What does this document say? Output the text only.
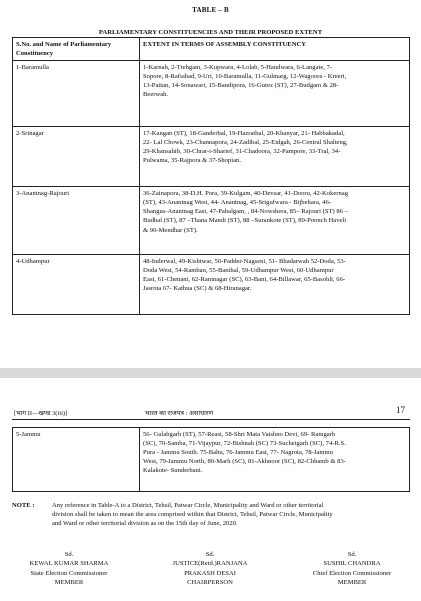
TABLE – B
PARLIAMENTARY CONSTITUENCIES AND THEIR PROPOSED EXTENT
S.No. and Name of Parliamentary Constituency	EXTENT IN TERMS OF ASSEMBLY CONSTITUENCY
1-Baramulla	1-Karnah, 2-Trehgam, 3-Kupwara, 4-Lolab, 5-Handwara, 6-Langate, 7-
Sopore, 8-Rafiabad, 9-Uri, 10-Baramulla, 11-Gulmarg, 12-Wagoora - Kreeri,
13-Pattan, 14-Sonawari, 15-Bandipora, 16-Gurez (ST), 27-Budgam & 28-
Beerwah.

2-Srinagar	17-Kangan (ST), 18-Ganderbal, 19-Hazratbal, 20-Khanyar, 21- Habbakadal,
22- Lal Chowk, 23-Channapora, 24-Zadibal, 25-Eidgah, 26-Central Shalteng,
29-Khansahib, 30-Chrar-i-Sharief, 31-Chadoora, 32-Pampore, 33-Tral, 34-
Pulwama, 35-Rajpora & 37-Shopian.

3-Anantnag-Rajouri	36-Zainapora, 38-D.H. Pora, 39-Kulgam, 40-Devsar, 41-Dooru, 42-Kokernag
(ST), 43-Anantnag West, 44- Anantnag, 45-Srigufwara - Bijbehara, 46-
Shangus-Anantnag East, 47-Pahalgam, , 84-Nowshera, 85– Rajouri (ST) 86 –
Budhal (ST), 87 –Thana Mandi (ST), 88 –Surankote (ST), 89-Poonch Haveli
& 90-Mendhar (ST).

4-Udhampur	48-Inderwal, 49-Kishtwar, 50-Padder-Nagseni, 51- Bhadarwah 52-Doda, 53-
Doda West, 54-Ramban, 55-Banihal, 59-Udhampur West, 60-Udhampur
East, 61-Chenani, 62-Ramnagar (SC), 63-Bani, 64-Billawar, 65-Basohli, 66-
Jasrota 67- Kathua (SC) & 68-Hiranagar.
[भाग II—खण्ड 3(iii)]	भारत का राजपत्र : असाधारण	17
5-Jammu	56- Gulabgarh (ST), 57-Reasi, 58-Shri Mata Vaishno Devi, 69- Ramgarh
(SC), 70-Samba, 71-Vijaypur, 72-Bishnah (SC) 73-Suchetgarh (SC), 74-R.S.
Pura - Jammu South. 75-Bahu, 76-Jammu East, 77- Nagrota, 78-Jammu
West, 79-Jammu North, 80-Marh (SC), 81-Akhnoor (SC), 82-Chhamb & 83-
Kalakote- Sunderbani.
NOTE :	Any reference in Table-A to a District, Tehsil, Patwar Circle, Municipality and Ward or other territorial
division shall be taken to mean the area comprised within that District, Tehsil, Patwar Circle, Municipality
and Ward or other territorial division as on the 15th day of June, 2020.
Sd.
KEWAL KUMAR SHARMA
State Election Commissioner
MEMBER
Sd.
JUSTICE(Retd.)RANJANA
PRAKASH DESAI
CHAIRPERSON
Sd.
SUSHIL CHANDRA
Chief Election Commissioner
MEMBER
